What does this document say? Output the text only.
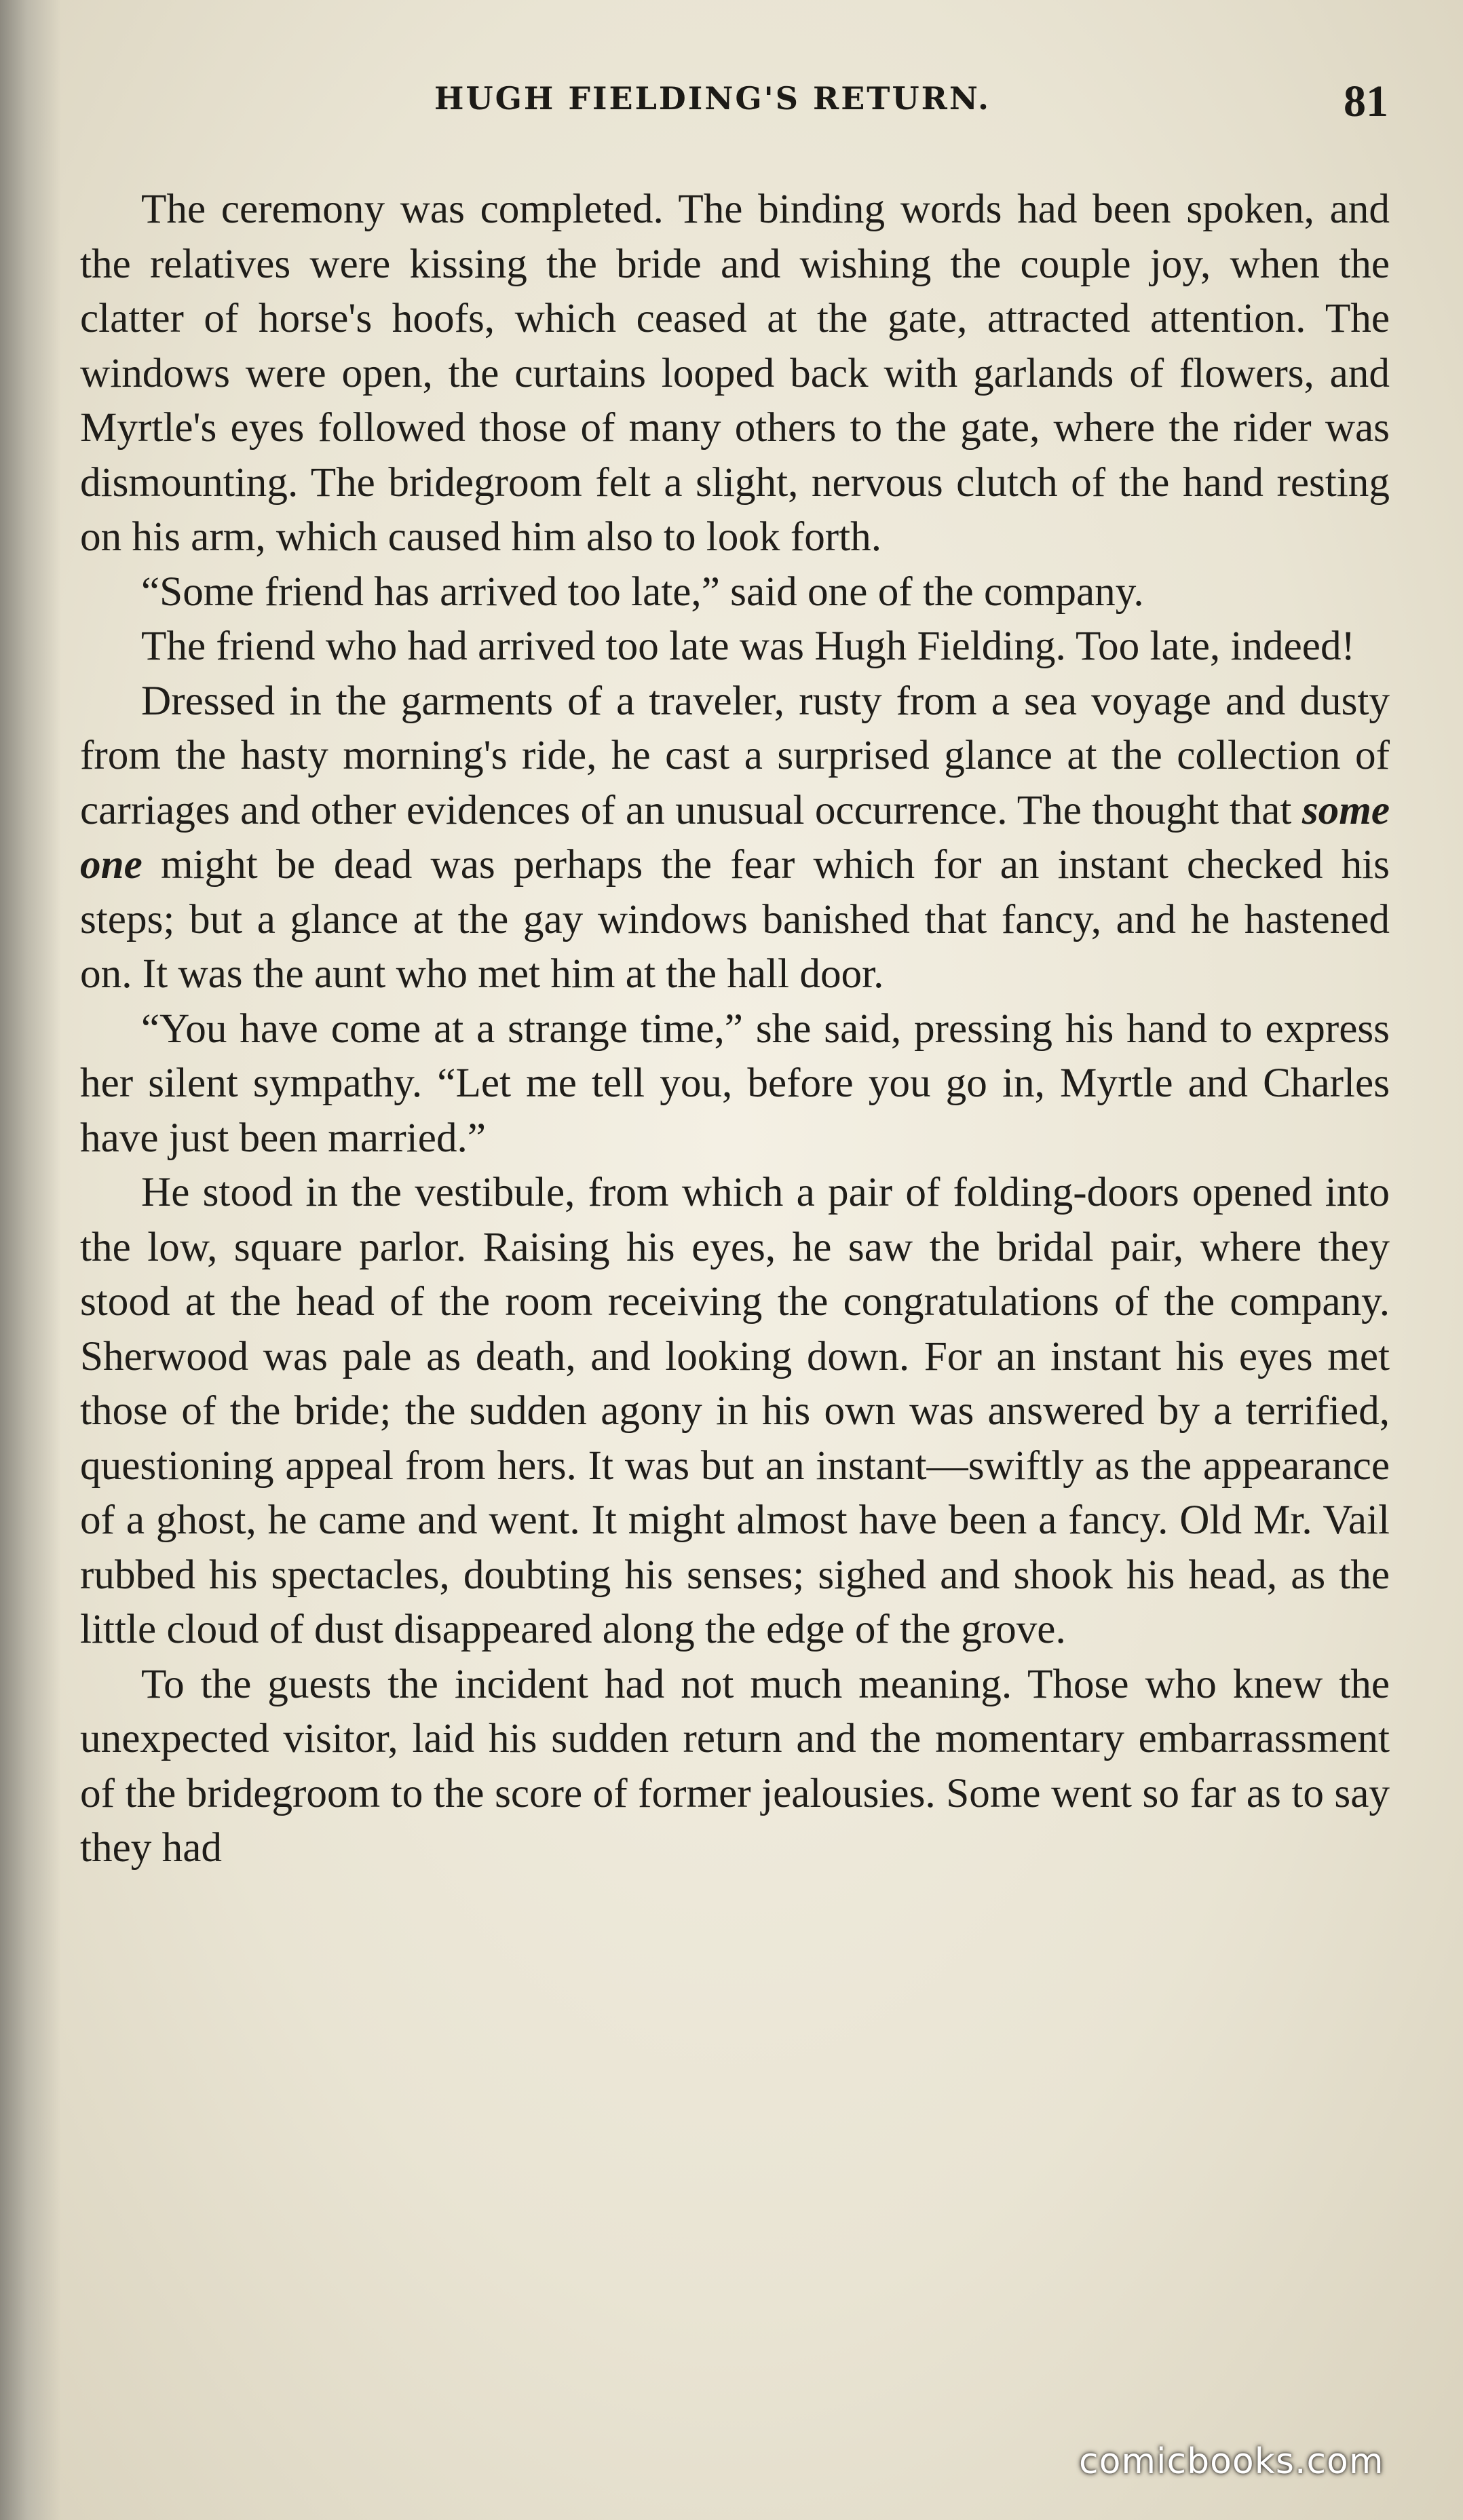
HUGH FIELDING'S RETURN.	81

The ceremony was completed. The binding words had been spoken, and the relatives were kissing the bride and wishing the couple joy, when the clatter of horse's hoofs, which ceased at the gate, attracted attention. The windows were open, the curtains looped back with garlands of flowers, and Myrtle's eyes followed those of many others to the gate, where the rider was dismounting. The bridegroom felt a slight, nervous clutch of the hand resting on his arm, which caused him also to look forth.

“Some friend has arrived too late,” said one of the company.

The friend who had arrived too late was Hugh Fielding. Too late, indeed!

Dressed in the garments of a traveler, rusty from a sea voyage and dusty from the hasty morning's ride, he cast a surprised glance at the collection of carriages and other evidences of an unusual occurrence. The thought that some one might be dead was perhaps the fear which for an instant checked his steps; but a glance at the gay windows banished that fancy, and he hastened on. It was the aunt who met him at the hall door.

“You have come at a strange time,” she said, pressing his hand to express her silent sympathy. “Let me tell you, before you go in, Myrtle and Charles have just been married.”

He stood in the vestibule, from which a pair of folding-doors opened into the low, square parlor. Raising his eyes, he saw the bridal pair, where they stood at the head of the room receiving the congratulations of the company. Sherwood was pale as death, and looking down. For an instant his eyes met those of the bride; the sudden agony in his own was answered by a terrified, questioning appeal from hers. It was but an instant—swiftly as the appearance of a ghost, he came and went. It might almost have been a fancy. Old Mr. Vail rubbed his spectacles, doubting his senses; sighed and shook his head, as the little cloud of dust disappeared along the edge of the grove.

To the guests the incident had not much meaning. Those who knew the unexpected visitor, laid his sudden return and the momentary embarrassment of the bridegroom to the score of former jealousies. Some went so far as to say they had

comicbooks.com
